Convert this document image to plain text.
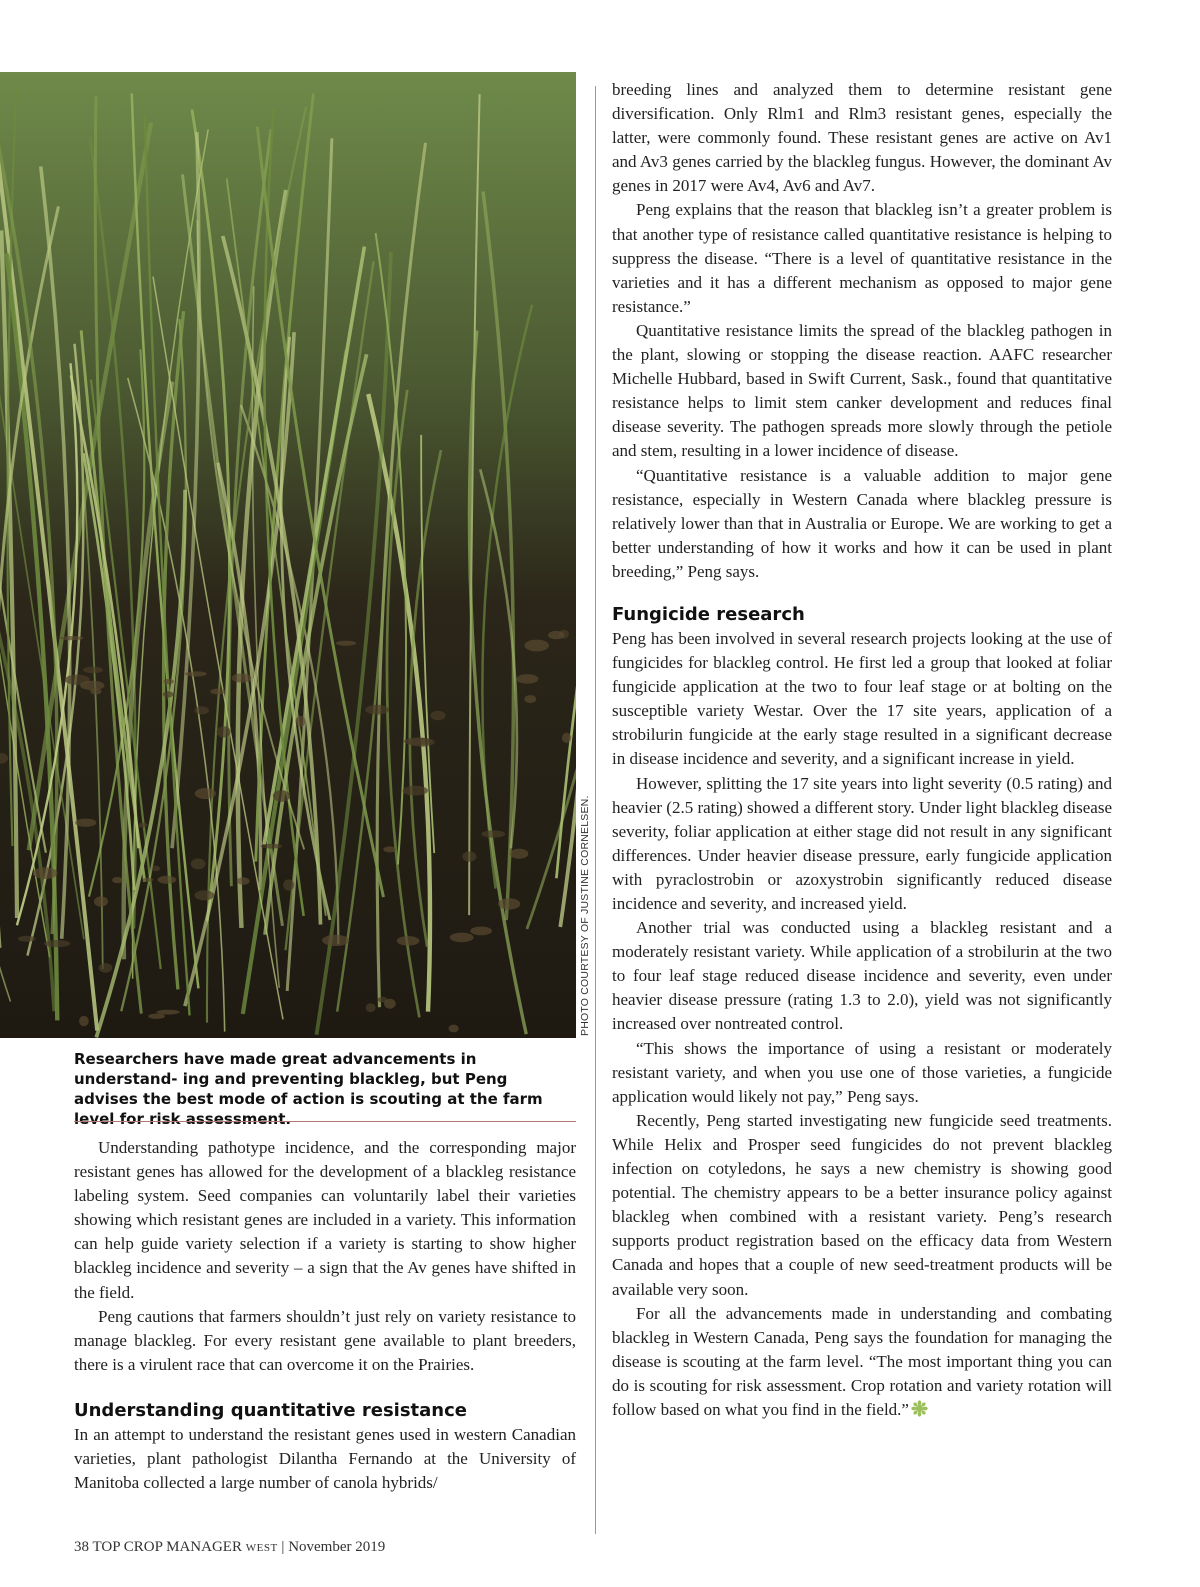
PHOTO COURTESY OF JUSTINE CORNELSEN.
Researchers have made great advancements in understand- ing and preventing blackleg, but Peng advises the best mode of action is scouting at the farm level for risk assessment.

Understanding pathotype incidence, and the corresponding major resistant genes has allowed for the development of a blackleg resistance labeling system. Seed companies can voluntarily label their varieties showing which resistant genes are included in a variety. This information can help guide variety selection if a variety is starting to show higher blackleg incidence and severity – a sign that the Av genes have shifted in the field.

Peng cautions that farmers shouldn’t just rely on variety resistance to manage blackleg. For every resistant gene available to plant breeders, there is a virulent race that can overcome it on the Prairies.

Understanding quantitative resistance

In an attempt to understand the resistant genes used in western Canadian varieties, plant pathologist Dilantha Fernando at the University of Manitoba collected a large number of canola hybrids/

breeding lines and analyzed them to determine resistant gene diversification. Only Rlm1 and Rlm3 resistant genes, especially the latter, were commonly found. These resistant genes are active on Av1 and Av3 genes carried by the blackleg fungus. However, the dominant Av genes in 2017 were Av4, Av6 and Av7.

Peng explains that the reason that blackleg isn’t a greater problem is that another type of resistance called quantitative resistance is helping to suppress the disease. “There is a level of quantitative resistance in the varieties and it has a different mechanism as opposed to major gene resistance.”

Quantitative resistance limits the spread of the blackleg pathogen in the plant, slowing or stopping the disease reaction. AAFC researcher Michelle Hubbard, based in Swift Current, Sask., found that quantitative resistance helps to limit stem canker development and reduces final disease severity. The pathogen spreads more slowly through the petiole and stem, resulting in a lower incidence of disease.

“Quantitative resistance is a valuable addition to major gene resistance, especially in Western Canada where blackleg pressure is relatively lower than that in Australia or Europe. We are working to get a better understanding of how it works and how it can be used in plant breeding,” Peng says.

Fungicide research

Peng has been involved in several research projects looking at the use of fungicides for blackleg control. He first led a group that looked at foliar fungicide application at the two to four leaf stage or at bolting on the susceptible variety Westar. Over the 17 site years, application of a strobilurin fungicide at the early stage resulted in a significant decrease in disease incidence and severity, and a significant increase in yield.

However, splitting the 17 site years into light severity (0.5 rating) and heavier (2.5 rating) showed a different story. Under light blackleg disease severity, foliar application at either stage did not result in any significant differences. Under heavier disease pressure, early fungicide application with pyraclostrobin or azoxystrobin significantly reduced disease incidence and severity, and increased yield.

Another trial was conducted using a blackleg resistant and a moderately resistant variety. While application of a strobilurin at the two to four leaf stage reduced disease incidence and severity, even under heavier disease pressure (rating 1.3 to 2.0), yield was not significantly increased over nontreated control.

“This shows the importance of using a resistant or moderately resistant variety, and when you use one of those varieties, a fungicide application would likely not pay,” Peng says.

Recently, Peng started investigating new fungicide seed treatments. While Helix and Prosper seed fungicides do not prevent blackleg infection on cotyledons, he says a new chemistry is showing good potential. The chemistry appears to be a better insurance policy against blackleg when combined with a resistant variety. Peng’s research supports product registration based on the efficacy data from Western Canada and hopes that a couple of new seed-treatment products will be available very soon.

For all the advancements made in understanding and combating blackleg in Western Canada, Peng says the foundation for managing the disease is scouting at the farm level. “The most important thing you can do is scouting for risk assessment. Crop rotation and variety rotation will follow based on what you find in the field.”

38 TOP CROP MANAGER WEST | November 2019
